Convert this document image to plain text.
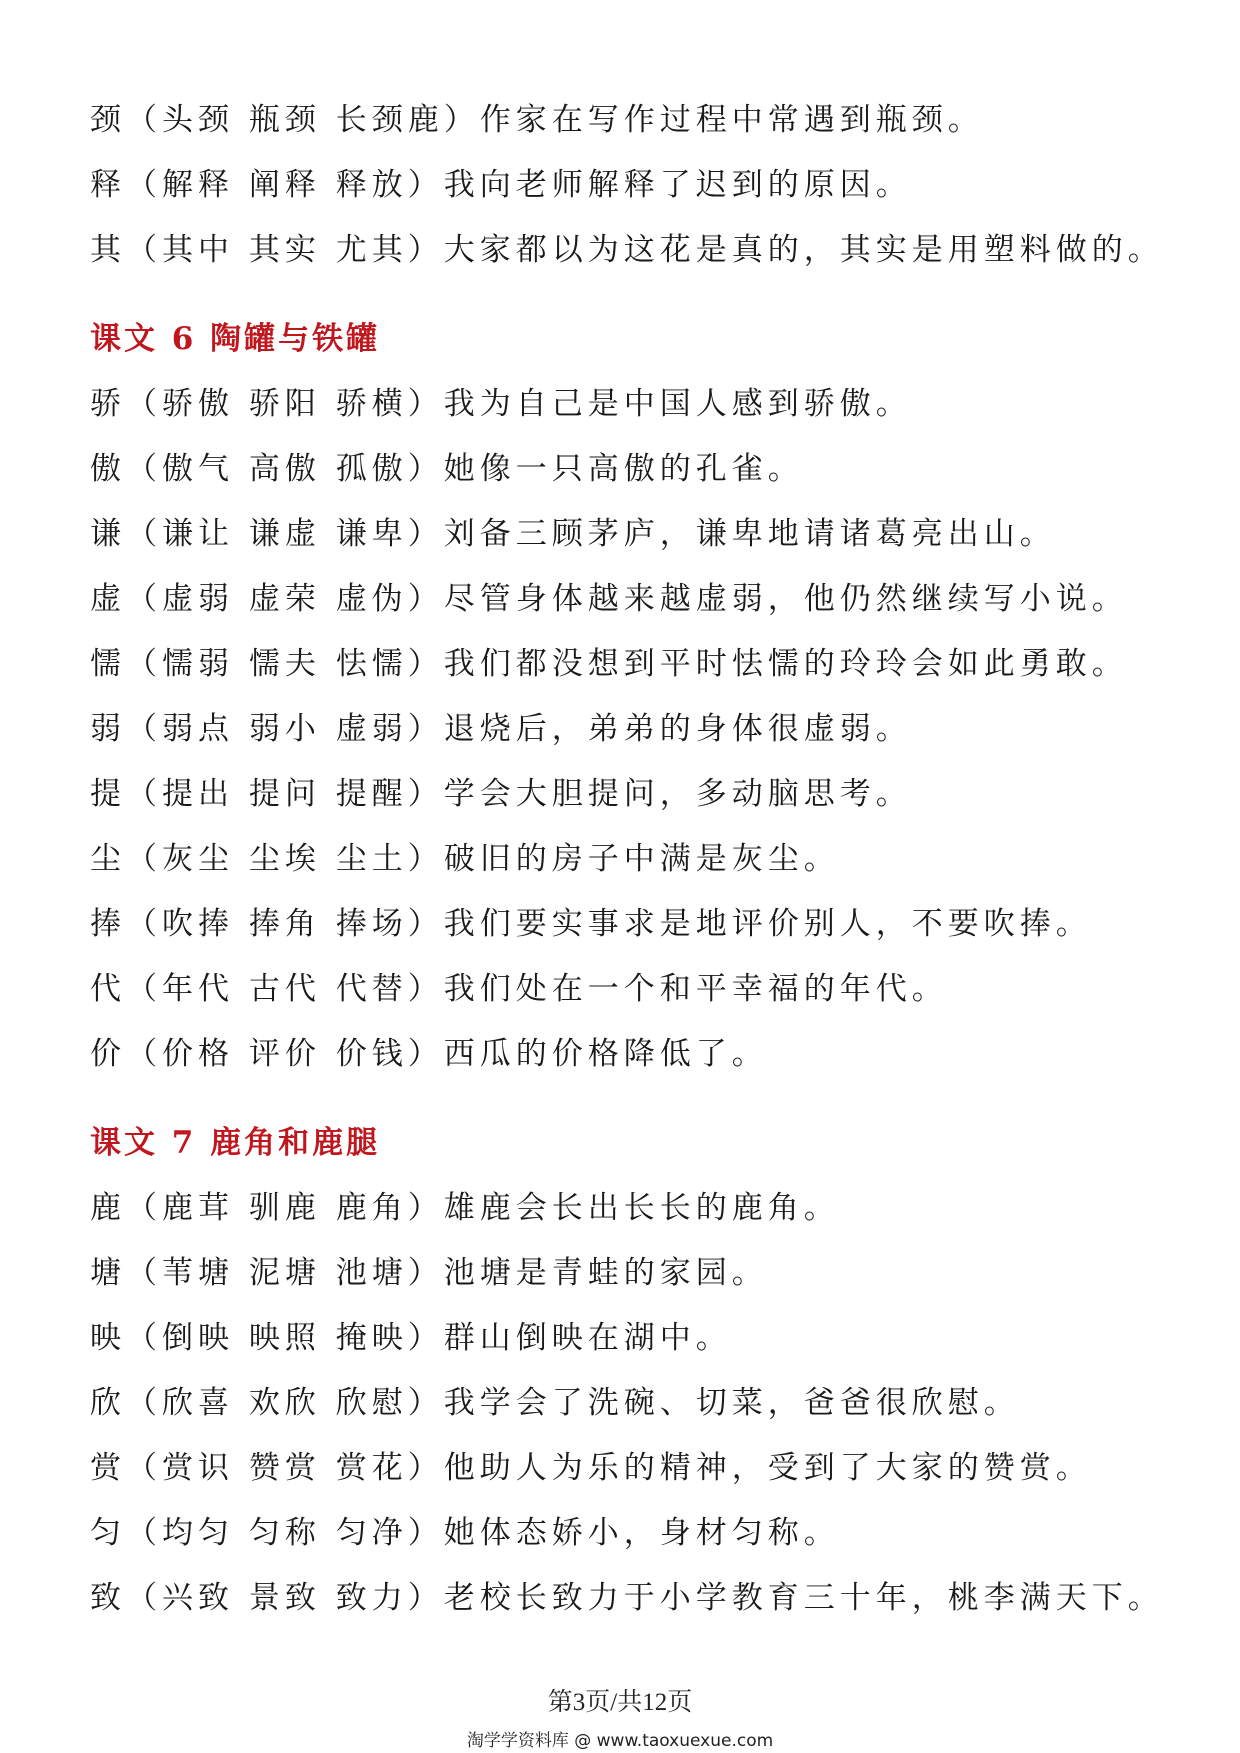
颈（头颈 瓶颈 长颈鹿）作家在写作过程中常遇到瓶颈。
释（解释 阐释 释放）我向老师解释了迟到的原因。
其（其中 其实 尤其）大家都以为这花是真的，其实是用塑料做的。
课文 6 陶罐与铁罐
骄（骄傲 骄阳 骄横）我为自己是中国人感到骄傲。
傲（傲气 高傲 孤傲）她像一只高傲的孔雀。
谦（谦让 谦虚 谦卑）刘备三顾茅庐，谦卑地请诸葛亮出山。
虚（虚弱 虚荣 虚伪）尽管身体越来越虚弱，他仍然继续写小说。
懦（懦弱 懦夫 怯懦）我们都没想到平时怯懦的玲玲会如此勇敢。
弱（弱点 弱小 虚弱）退烧后，弟弟的身体很虚弱。
提（提出 提问 提醒）学会大胆提问，多动脑思考。
尘（灰尘 尘埃 尘土）破旧的房子中满是灰尘。
捧（吹捧 捧角 捧场）我们要实事求是地评价别人，不要吹捧。
代（年代 古代 代替）我们处在一个和平幸福的年代。
价（价格 评价 价钱）西瓜的价格降低了。
课文 7 鹿角和鹿腿
鹿（鹿茸 驯鹿 鹿角）雄鹿会长出长长的鹿角。
塘（苇塘 泥塘 池塘）池塘是青蛙的家园。
映（倒映 映照 掩映）群山倒映在湖中。
欣（欣喜 欢欣 欣慰）我学会了洗碗、切菜，爸爸很欣慰。
赏（赏识 赞赏 赏花）他助人为乐的精神，受到了大家的赞赏。
匀（均匀 匀称 匀净）她体态娇小，身材匀称。
致（兴致 景致 致力）老校长致力于小学教育三十年，桃李满天下。
第3页/共12页
淘学学资料库 @ www.taoxuexue.com
